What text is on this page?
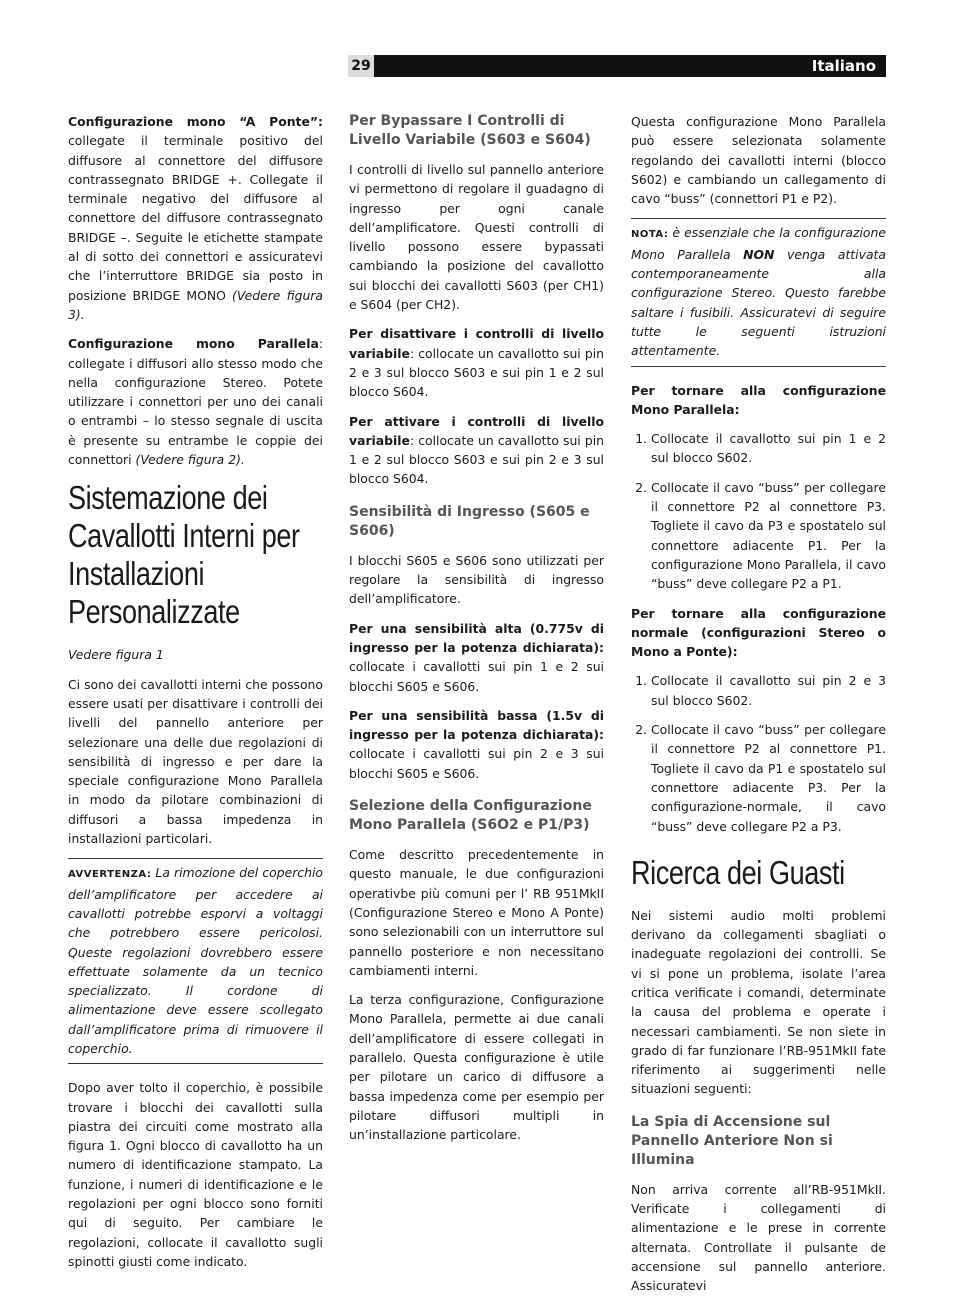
29	Italiano

Configurazione mono “A Ponte”: collegate il terminale positivo del diffusore al connettore del diffusore contrassegnato BRIDGE +. Collegate il terminale negativo del diffusore al connettore del diffusore contrassegnato BRIDGE –. Seguite le etichette stampate al di sotto dei connettori e assicuratevi che l’interruttore BRIDGE sia posto in posizione BRIDGE MONO (Vedere figura 3).

Configurazione mono Parallela: collegate i diffusori allo stesso modo che nella configurazione Stereo. Potete utilizzare i connettori per uno dei canali o entrambi – lo stesso segnale di uscita è presente su entrambe le coppie dei connettori (Vedere figura 2).

Sistemazione dei Cavallotti Interni per Installazioni Personalizzate

Vedere figura 1

Ci sono dei cavallotti interni che possono essere usati per disattivare i controlli dei livelli del pannello anteriore per selezionare una delle due regolazioni di sensibilità di ingresso e per dare la speciale configurazione Mono Parallela in modo da pilotare combinazioni di diffusori a bassa impedenza in installazioni particolari.

AVVERTENZA: La rimozione del coperchio dell’amplificatore per accedere ai cavallotti potrebbe esporvi a voltaggi che potrebbero essere pericolosi. Queste regolazioni dovrebbero essere effettuate solamente da un tecnico specializzato. Il cordone di alimentazione deve essere scollegato dall’amplificatore prima di rimuovere il coperchio.

Dopo aver tolto il coperchio, è possibile trovare i blocchi dei cavallotti sulla piastra dei circuiti come mostrato alla figura 1. Ogni blocco di cavallotto ha un numero di identificazione stampato. La funzione, i numeri di identificazione e le regolazioni per ogni blocco sono forniti qui di seguito. Per cambiare le regolazioni, collocate il cavallotto sugli spinotti giusti come indicato.

Per Bypassare I Controlli di Livello Variabile (S603 e S604)

I controlli di livello sul pannello anteriore vi permettono di regolare il guadagno di ingresso per ogni canale dell’amplificatore. Questi controlli di livello possono essere bypassati cambiando la posizione del cavallotto sui blocchi dei cavallotti S603 (per CH1) e S604 (per CH2).

Per disattivare i controlli di livello variabile: collocate un cavallotto sui pin 2 e 3 sul blocco S603 e sui pin 1 e 2 sul blocco S604.

Per attivare i controlli di livello variabile: collocate un cavallotto sui pin 1 e 2 sul blocco S603 e sui pin 2 e 3 sul blocco S604.

Sensibilità di Ingresso (S605 e S606)

I blocchi S605 e S606 sono utilizzati per regolare la sensibilità di ingresso dell’amplificatore.

Per una sensibilità alta (0.775v di ingresso per la potenza dichiarata): collocate i cavallotti sui pin 1 e 2 sui blocchi S605 e S606.

Per una sensibilità bassa (1.5v di ingresso per la potenza dichiarata): collocate i cavallotti sui pin 2 e 3 sui blocchi S605 e S606.

Selezione della Configurazione Mono Parallela (S6O2 e P1/P3)

Come descritto precedentemente in questo manuale, le due configurazioni operativbe più comuni per l’ RB 951MkII (Configurazione Stereo e Mono A Ponte) sono selezionabili con un interruttore sul pannello posteriore e non necessitano cambiamenti interni.

La terza configurazione, Configurazione Mono Parallela, permette ai due canali dell’amplificatore di essere collegati in parallelo. Questa configurazione è utile per pilotare un carico di diffusore a bassa impedenza come per esempio per pilotare diffusori multipli in un’installazione particolare.

Questa configurazione Mono Parallela può essere selezionata solamente regolando dei cavallotti interni (blocco S602) e cambiando un callegamento di cavo “buss” (connettori P1 e P2).

NOTA: è essenziale che la configurazione Mono Parallela NON venga attivata contemporaneamente alla configurazione Stereo. Questo farebbe saltare i fusibili. Assicuratevi di seguire tutte le seguenti istruzioni attentamente.

Per tornare alla configurazione Mono Parallela:

1. Collocate il cavallotto sui pin 1 e 2 sul blocco S602.
2. Collocate il cavo “buss” per collegare il connettore P2 al connettore P3. Togliete il cavo da P3 e spostatelo sul connettore adiacente P1. Per la configurazione Mono Parallela, il cavo “buss” deve collegare P2 a P1.

Per tornare alla configurazione normale (configurazioni Stereo o Mono a Ponte):

1. Collocate il cavallotto sui pin 2 e 3 sul blocco S602.
2. Collocate il cavo “buss” per collegare il connettore P2 al connettore P1. Togliete il cavo da P1 e spostatelo sul connettore adiacente P3. Per la configurazione-normale, il cavo “buss” deve collegare P2 a P3.
Ricerca dei Guasti

Nei sistemi audio molti problemi derivano da collegamenti sbagliati o inadeguate regolazioni dei controlli. Se vi si pone un problema, isolate l’area critica verificate i comandi, determinate la causa del problema e operate i necessari cambiamenti. Se non siete in grado di far funzionare l’RB-951MkII fate riferimento ai suggerimenti nelle situazioni seguenti:

La Spia di Accensione sul Pannello Anteriore Non si Illumina

Non arriva corrente all’RB-951MkII. Verificate i collegamenti di alimentazione e le prese in corrente alternata. Controllate il pulsante de accensione sul pannello anteriore. Assicuratevi
